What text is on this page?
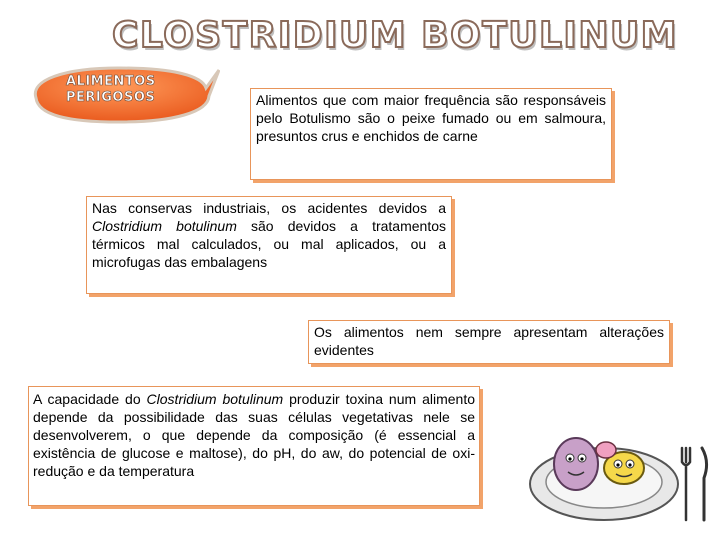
CLOSTRIDIUM BOTULINUM
ALIMENTOS
PERIGOSOS	Alimentos que com maior frequência são responsáveis pelo Botulismo são o peixe fumado ou em salmoura, presuntos crus e enchidos de carne

Nas conservas industriais, os acidentes devidos a Clostridium botulinum são devidos a tratamentos térmicos mal calculados, ou mal aplicados, ou a microfugas das embalagens

Os alimentos nem sempre apresentam alterações evidentes

A capacidade do Clostridium botulinum produzir toxina num alimento depende da possibilidade das suas células vegetativas nele se desenvolverem, o que depende da composição (é essencial a existência de glucose e maltose), do pH, do aw, do potencial de oxi-redução e da temperatura
